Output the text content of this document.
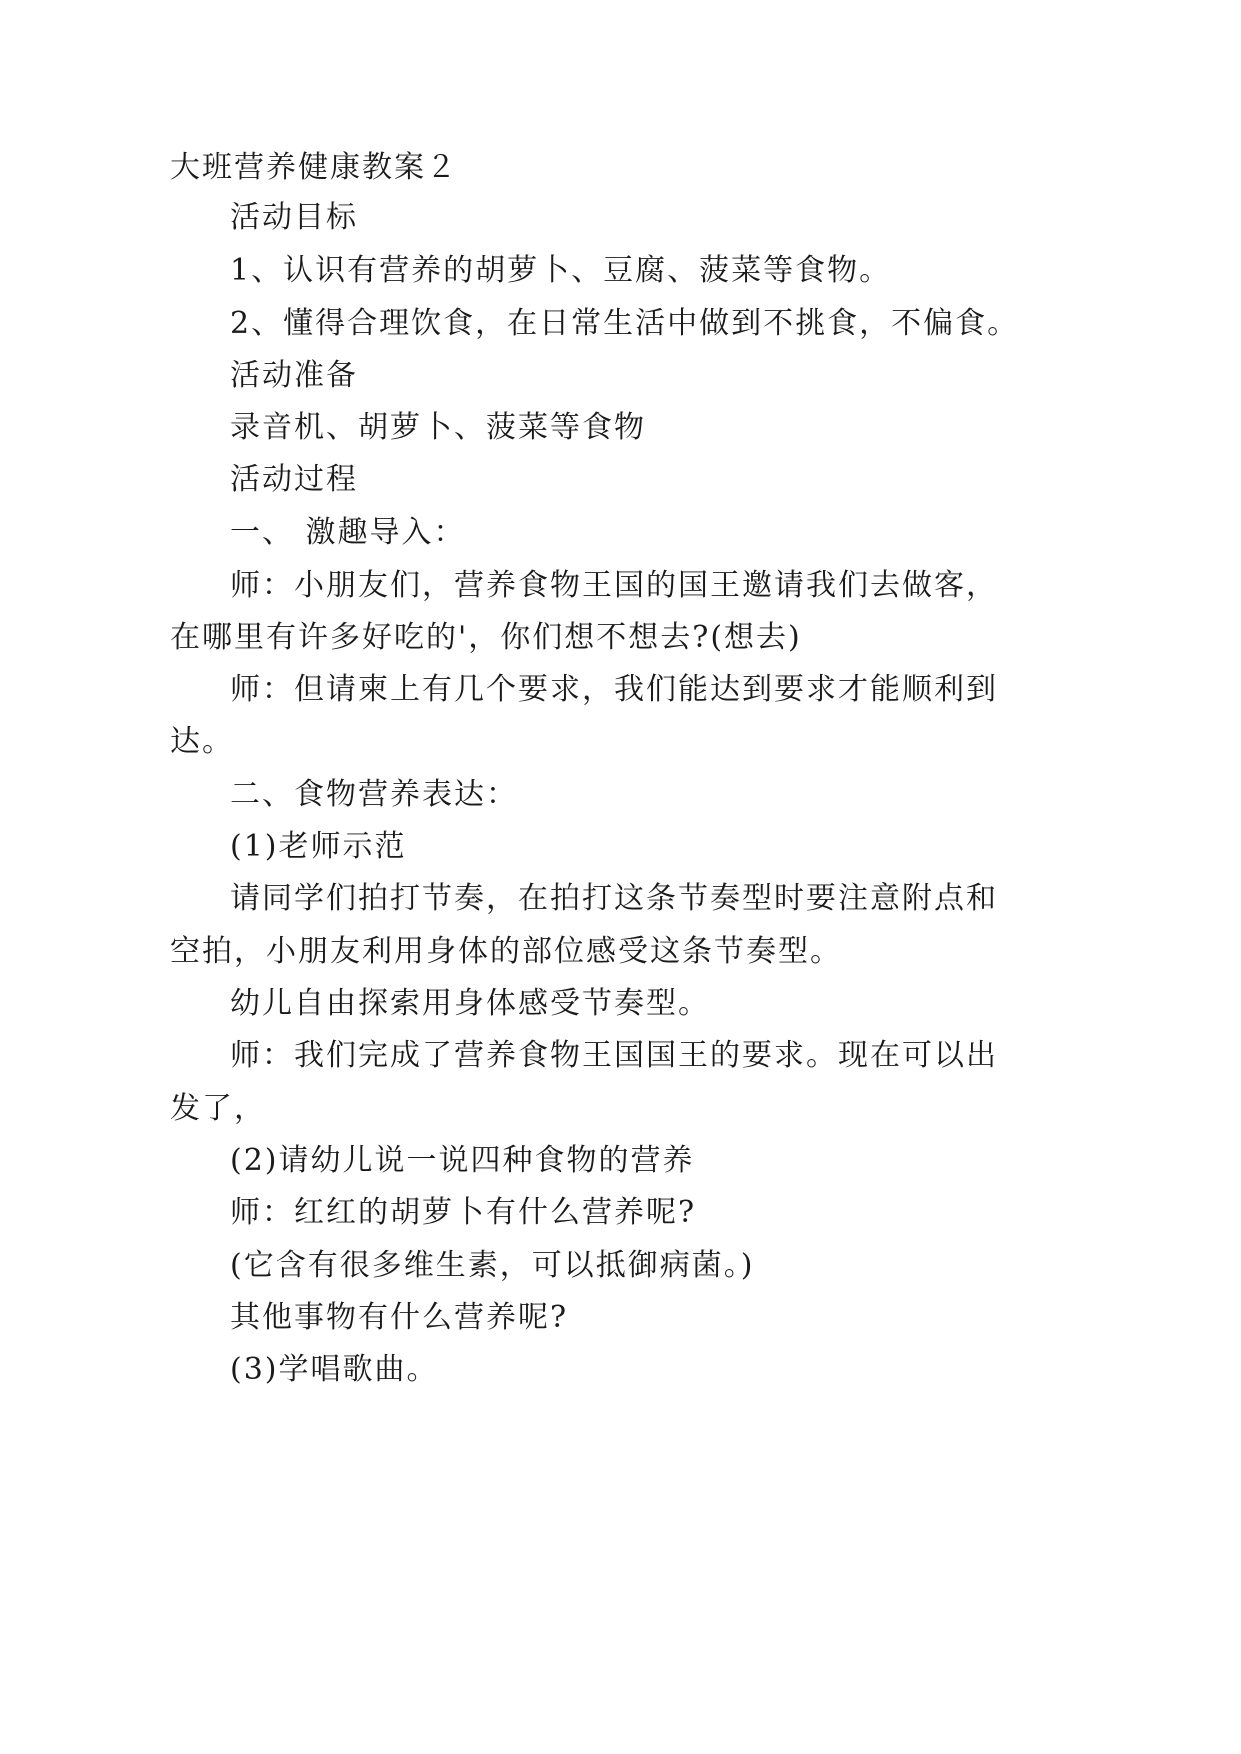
大班营养健康教案２

活动目标

1、认识有营养的胡萝卜、豆腐、菠菜等食物。

2、懂得合理饮食，在日常生活中做到不挑食，不偏食。

活动准备

录音机、胡萝卜、菠菜等食物

活动过程

一、 激趣导入：

师：小朋友们，营养食物王国的国王邀请我们去做客，

在哪里有许多好吃的'，你们想不想去?(想去)

师：但请柬上有几个要求，我们能达到要求才能顺利到

达。

二、食物营养表达：

(1)老师示范

请同学们拍打节奏，在拍打这条节奏型时要注意附点和

空拍，小朋友利用身体的部位感受这条节奏型。

幼儿自由探索用身体感受节奏型。

师：我们完成了营养食物王国国王的要求。现在可以出

发了，

(2)请幼儿说一说四种食物的营养

师：红红的胡萝卜有什么营养呢?

(它含有很多维生素，可以抵御病菌。)

其他事物有什么营养呢?

(3)学唱歌曲。
